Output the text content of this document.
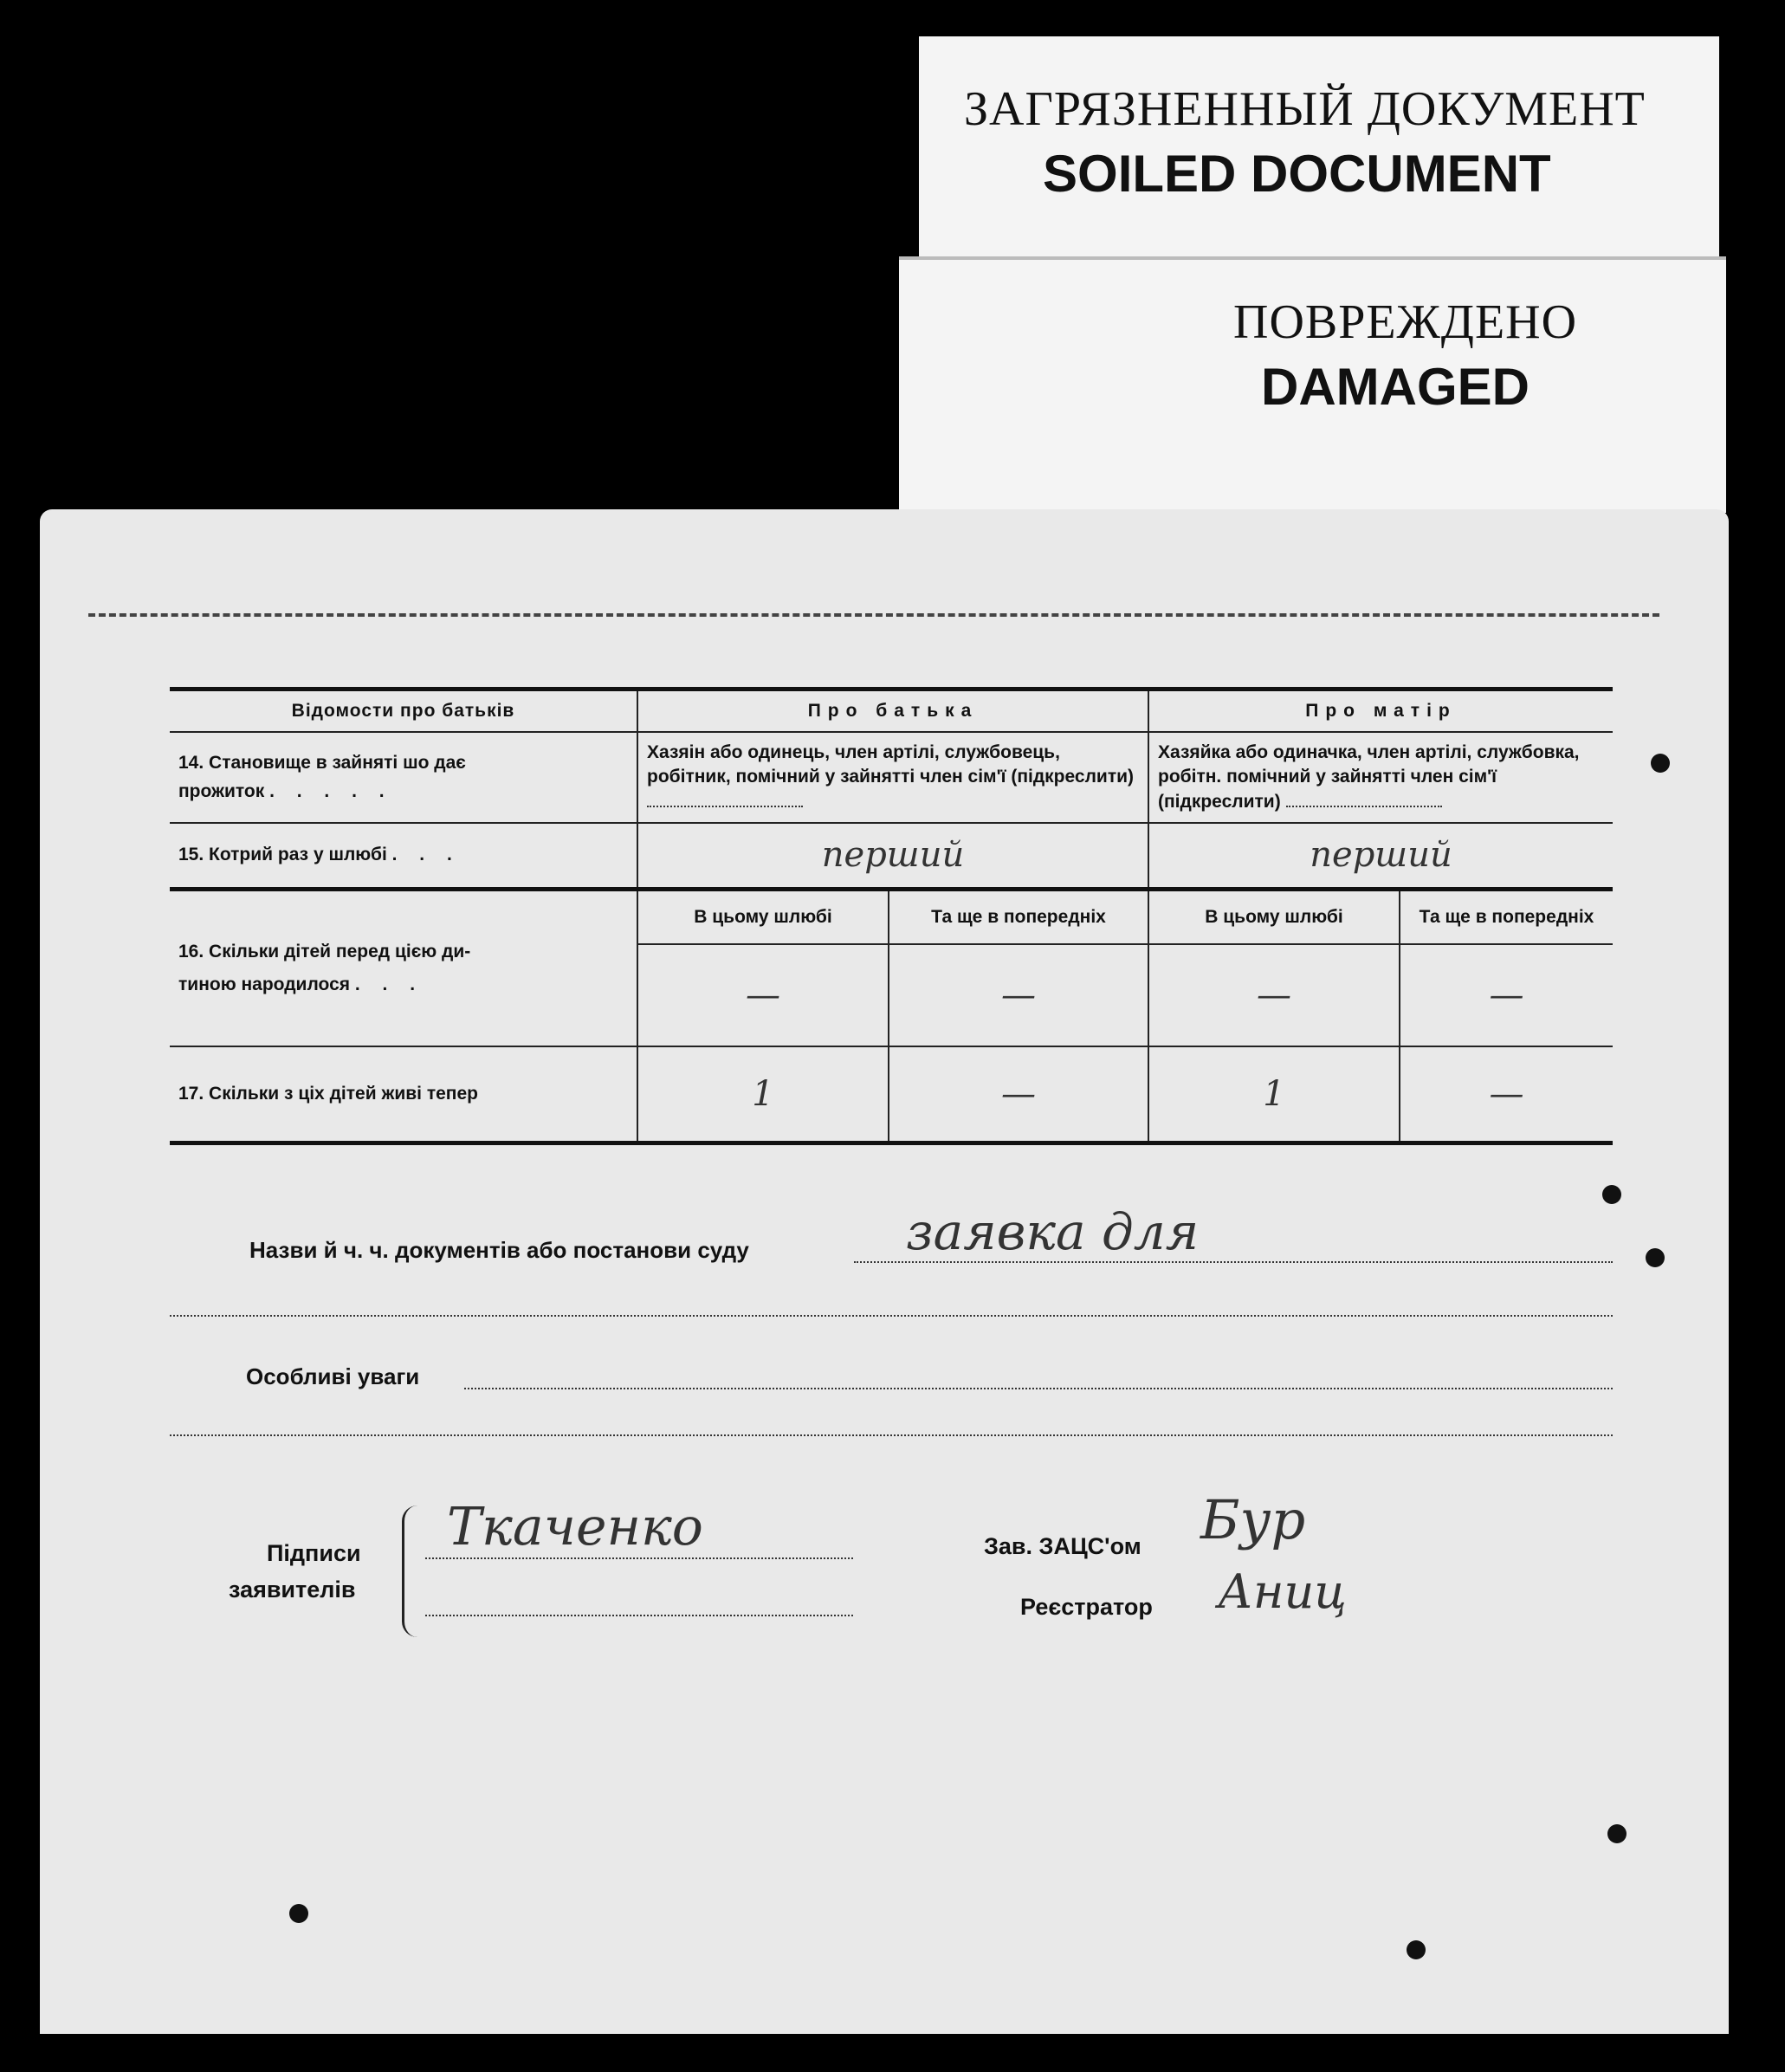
ЗАГРЯЗНЕННЫЙ ДОКУМЕНТ
SOILED DOCUMENT
ПОВРЕЖДЕНО
DAMAGED
Відомости про батьків	Про батька		Про матір	

14. Становище в зайняті шо дає
прожиток . . . . .	Хазяін або одинець, член артілі, службовець, робітник, помічний у зайнятті член сім'ї (підкреслити)		Хазяйка або одиначка, член артілі, службовка, робітн. помічний у зайнятті член сім'ї (підкреслити)	
15. Котрий раз у шлюбі . . .	перший		перший	

16. Скільки дітей перед цією ди-
тиною народилося . . .	В цьому шлюбі	Та ще в попередніх	В цьому шлюбі	Та ще в попередніх
	—	—	—	—
17. Скільки з ціх дітей живі тепер	1	—	1	—
Назви й ч. ч. документів або постанови суду	заявка для
Особливі уваги
Підписи
заявителів
Ткаченко	Зав. ЗАЦС'ом Бур
Реєстратор Аниц
